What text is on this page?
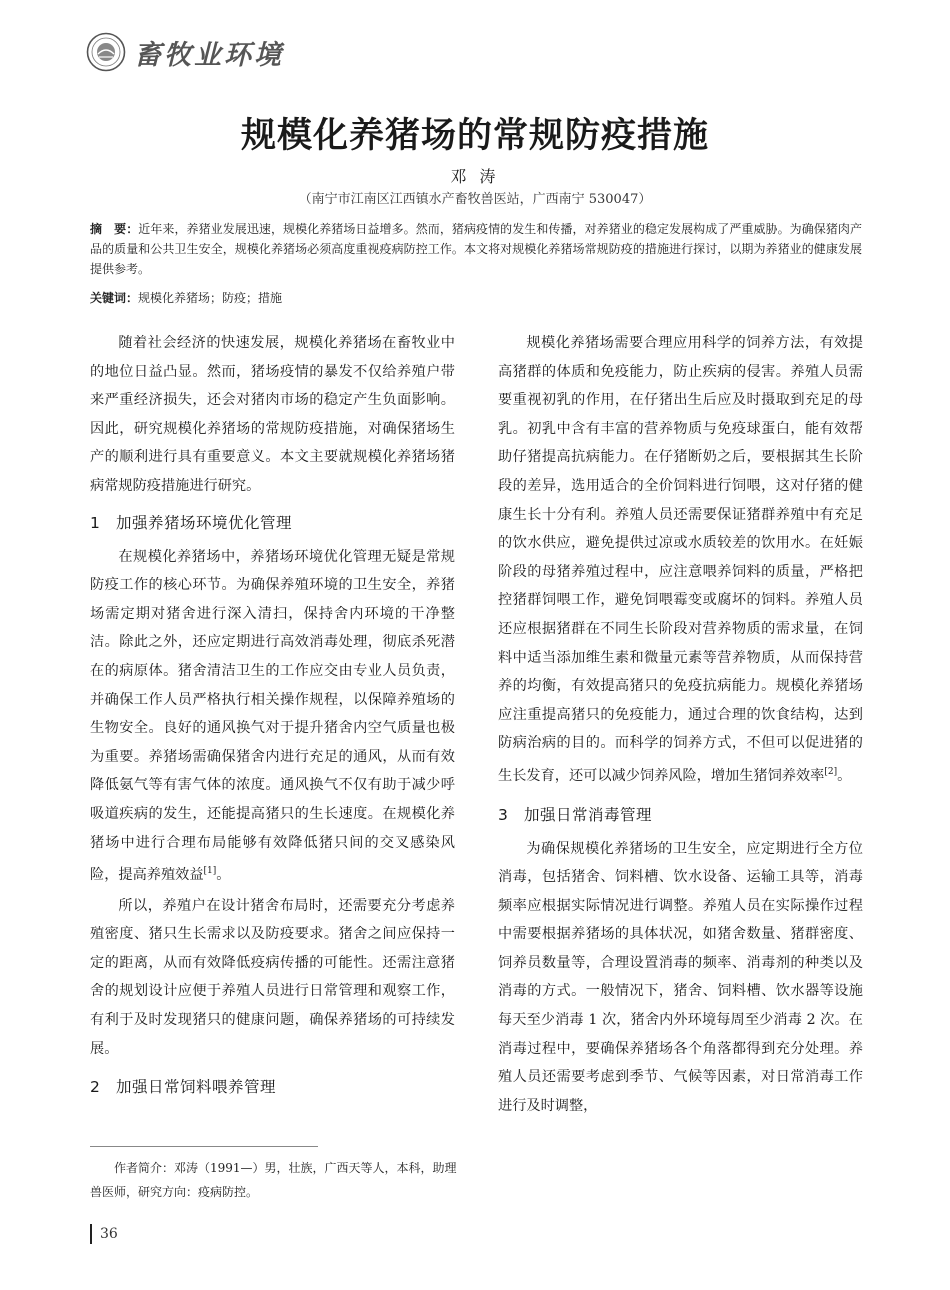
畜牧业环境
规模化养猪场的常规防疫措施
邓 涛
（南宁市江南区江西镇水产畜牧兽医站，广西南宁 530047）
摘　要：近年来，养猪业发展迅速，规模化养猪场日益增多。然而，猪病疫情的发生和传播，对养猪业的稳定发展构成了严重威胁。为确保猪肉产品的质量和公共卫生安全，规模化养猪场必须高度重视疫病防控工作。本文将对规模化养猪场常规防疫的措施进行探讨，以期为养猪业的健康发展提供参考。
关键词：规模化养猪场；防疫；措施

随着社会经济的快速发展，规模化养猪场在畜牧业中的地位日益凸显。然而，猪场疫情的暴发不仅给养殖户带来严重经济损失，还会对猪肉市场的稳定产生负面影响。因此，研究规模化养猪场的常规防疫措施，对确保猪场生产的顺利进行具有重要意义。本文主要就规模化养猪场猪病常规防疫措施进行研究。

1 加强养猪场环境优化管理

在规模化养猪场中，养猪场环境优化管理无疑是常规防疫工作的核心环节。为确保养殖环境的卫生安全，养猪场需定期对猪舍进行深入清扫，保持舍内环境的干净整洁。除此之外，还应定期进行高效消毒处理，彻底杀死潜在的病原体。猪舍清洁卫生的工作应交由专业人员负责，并确保工作人员严格执行相关操作规程，以保障养殖场的生物安全。良好的通风换气对于提升猪舍内空气质量也极为重要。养猪场需确保猪舍内进行充足的通风，从而有效降低氨气等有害气体的浓度。通风换气不仅有助于减少呼吸道疾病的发生，还能提高猪只的生长速度。在规模化养猪场中进行合理布局能够有效降低猪只间的交叉感染风险，提高养殖效益[1]。

所以，养殖户在设计猪舍布局时，还需要充分考虑养殖密度、猪只生长需求以及防疫要求。猪舍之间应保持一定的距离，从而有效降低疫病传播的可能性。还需注意猪舍的规划设计应便于养殖人员进行日常管理和观察工作，有利于及时发现猪只的健康问题，确保养猪场的可持续发展。

2 加强日常饲料喂养管理

规模化养猪场需要合理应用科学的饲养方法，有效提高猪群的体质和免疫能力，防止疾病的侵害。养殖人员需要重视初乳的作用，在仔猪出生后应及时摄取到充足的母乳。初乳中含有丰富的营养物质与免疫球蛋白，能有效帮助仔猪提高抗病能力。在仔猪断奶之后，要根据其生长阶段的差异，选用适合的全价饲料进行饲喂，这对仔猪的健康生长十分有利。养殖人员还需要保证猪群养殖中有充足的饮水供应，避免提供过凉或水质较差的饮用水。在妊娠阶段的母猪养殖过程中，应注意喂养饲料的质量，严格把控猪群饲喂工作，避免饲喂霉变或腐坏的饲料。养殖人员还应根据猪群在不同生长阶段对营养物质的需求量，在饲料中适当添加维生素和微量元素等营养物质，从而保持营养的均衡，有效提高猪只的免疫抗病能力。规模化养猪场应注重提高猪只的免疫能力，通过合理的饮食结构，达到防病治病的目的。而科学的饲养方式，不但可以促进猪的生长发育，还可以减少饲养风险，增加生猪饲养效率[2]。

3 加强日常消毒管理

为确保规模化养猪场的卫生安全，应定期进行全方位消毒，包括猪舍、饲料槽、饮水设备、运输工具等，消毒频率应根据实际情况进行调整。养殖人员在实际操作过程中需要根据养猪场的具体状况，如猪舍数量、猪群密度、饲养员数量等，合理设置消毒的频率、消毒剂的种类以及消毒的方式。一般情况下，猪舍、饲料槽、饮水器等设施每天至少消毒 1 次，猪舍内外环境每周至少消毒 2 次。在消毒过程中，要确保养猪场各个角落都得到充分处理。养殖人员还需要考虑到季节、气候等因素，对日常消毒工作进行及时调整，

作者简介：邓涛（1991—）男，壮族，广西天等人，本科，助理兽医师，研究方向：疫病防控。
36
